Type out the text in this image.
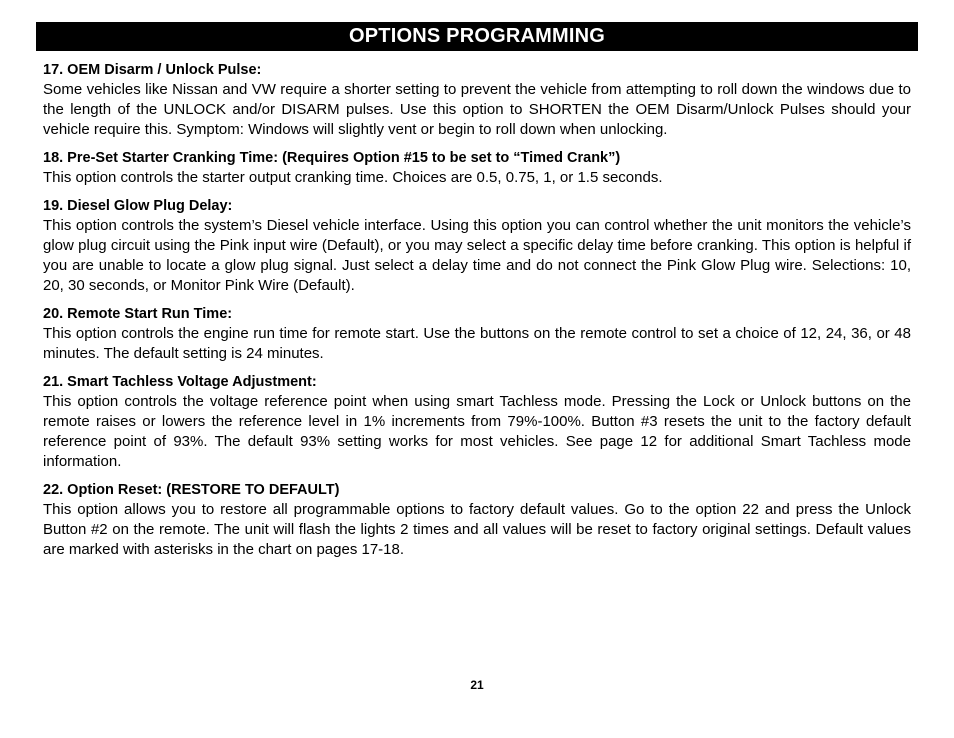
OPTIONS PROGRAMMING
17. OEM Disarm / Unlock Pulse:
Some vehicles like Nissan and VW require a shorter setting to prevent the vehicle from attempting to roll down the windows due to the length of the UNLOCK and/or DISARM pulses. Use this option to SHORTEN the OEM Disarm/Unlock Pulses should your vehicle require this. Symptom: Windows will slightly vent or begin to roll down when unlocking.
18. Pre-Set Starter Cranking Time: (Requires Option #15 to be set to “Timed Crank”)
This option controls the starter output cranking time. Choices are 0.5, 0.75, 1, or 1.5 seconds.
19. Diesel Glow Plug Delay:
This option controls the system’s Diesel vehicle interface. Using this option you can control whether the unit monitors the vehicle’s glow plug circuit using the Pink input wire (Default), or you may select a specific delay time before cranking. This option is helpful if you are unable to locate a glow plug signal. Just select a delay time and do not connect the Pink Glow Plug wire. Selections: 10, 20, 30 seconds, or Monitor Pink Wire (Default).
20. Remote Start Run Time:
This option controls the engine run time for remote start. Use the buttons on the remote control to set a choice of 12, 24, 36, or 48 minutes. The default setting is 24 minutes.
21. Smart Tachless Voltage Adjustment:
This option controls the voltage reference point when using smart Tachless mode. Pressing the Lock or Unlock buttons on the remote raises or lowers the reference level in 1% increments from 79%-100%. Button #3 resets the unit to the factory default reference point of 93%. The default 93% setting works for most vehicles. See page 12 for additional Smart Tachless mode information.
22. Option Reset: (RESTORE TO DEFAULT)
This option allows you to restore all programmable options to factory default values. Go to the option 22 and press the Unlock Button #2 on the remote. The unit will flash the lights 2 times and all values will be reset to factory original settings. Default values are marked with asterisks in the chart on pages 17-18.
21
